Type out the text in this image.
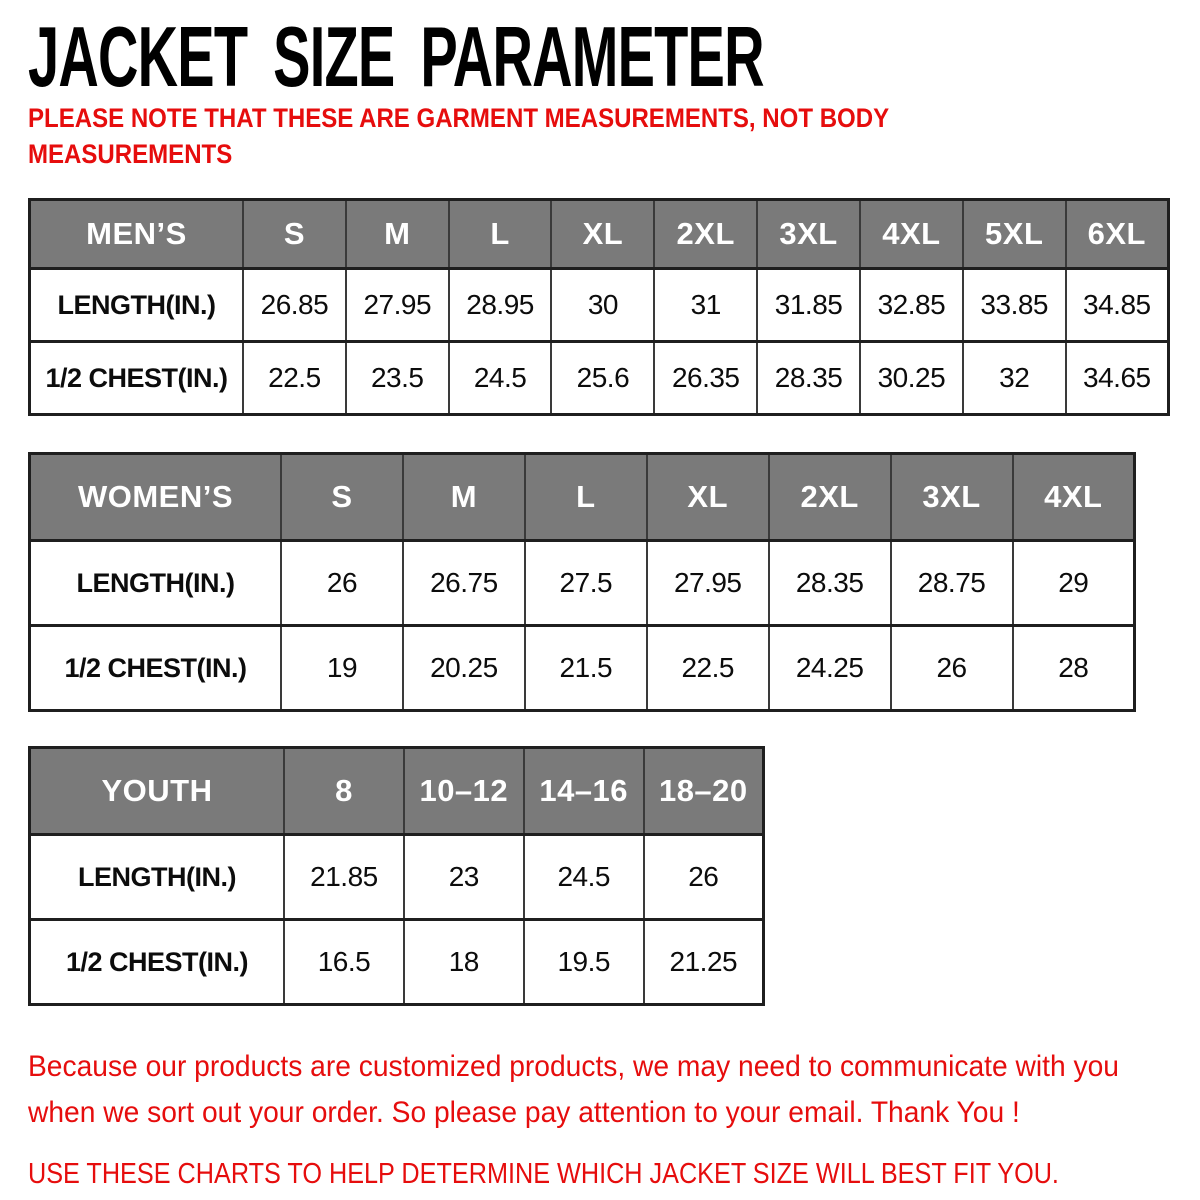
JACKET SIZE PARAMETER
PLEASE NOTE THAT THESE ARE GARMENT MEASUREMENTS, NOT BODY
MEASUREMENTS
MEN’S	S	M	L	XL	2XL	3XL	4XL	5XL	6XL
LENGTH(IN.)	26.85	27.95	28.95	30	31	31.85	32.85	33.85	34.85
1/2 CHEST(IN.)	22.5	23.5	24.5	25.6	26.35	28.35	30.25	32	34.65
WOMEN’S	S	M	L	XL	2XL	3XL	4XL
LENGTH(IN.)	26	26.75	27.5	27.95	28.35	28.75	29
1/2 CHEST(IN.)	19	20.25	21.5	22.5	24.25	26	28
YOUTH	8	10–12	14–16	18–20
LENGTH(IN.)	21.85	23	24.5	26
1/2 CHEST(IN.)	16.5	18	19.5	21.25
Because our products are customized products, we may need to communicate with you
when we sort out your order. So please pay attention to your email. Thank You !
USE THESE CHARTS TO HELP DETERMINE WHICH JACKET SIZE WILL BEST FIT YOU.
